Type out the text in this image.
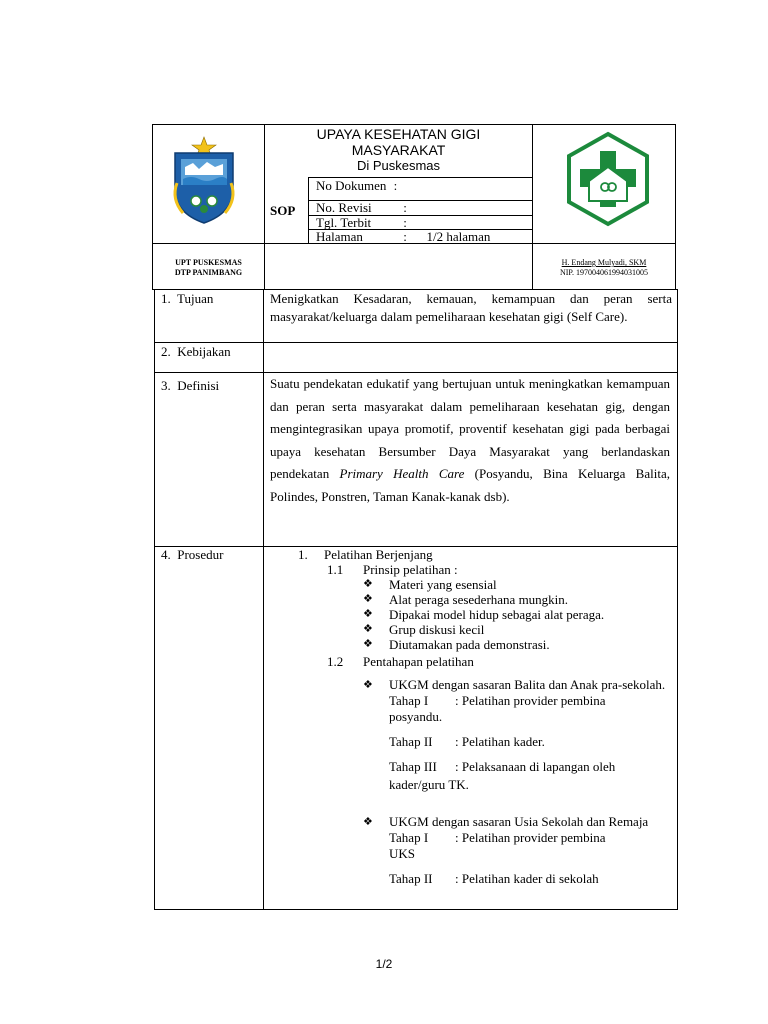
UPAYA KESEHATAN GIGI
MASYARAKAT
Di Puskesmas
SOP
No Dokumen :
No. Revisi :
Tgl. Terbit :
Halaman	: 1/2 halaman
UPT PUSKESMAS
DTP PANIMBANG
H. Endang Mulyadi, SKM
NIP. 197004061994031005
1.  Tujuan	Menigkatkan Kesadaran, kemauan, kemampuan dan peran serta masyarakat/keluarga dalam pemeliharaan kesehatan gigi (Self Care).
2.  Kebijakan
3.  Definisi	Suatu pendekatan edukatif yang bertujuan untuk meningkatkan kemampuan dan peran serta masyarakat dalam pemeliharaan kesehatan gig, dengan mengintegrasikan upaya promotif, proventif kesehatan gigi pada berbagai upaya kesehatan Bersumber Daya Masyarakat yang berlandaskan pendekatan Primary Health Care (Posyandu, Bina Keluarga Balita, Polindes, Ponstren, Taman Kanak-kanak dsb).
4.  Prosedur	1. Pelatihan Berjenjang
1.1 Prinsip pelatihan :
❖ Materi yang esensial
❖ Alat peraga sesederhana mungkin.
❖ Dipakai model hidup sebagai alat peraga.
❖ Grup diskusi kecil
❖ Diutamakan pada demonstrasi.
1.2 Pentahapan pelatihan
❖ UKGM dengan sasaran Balita dan Anak pra-sekolah.
Tahap I : Pelatihan provider pembina
posyandu.
Tahap II : Pelatihan kader.
Tahap III : Pelaksanaan di lapangan oleh
kader/guru TK.
❖ UKGM dengan sasaran Usia Sekolah dan Remaja
Tahap I : Pelatihan provider pembina
UKS
Tahap II : Pelatihan kader di sekolah
1/2
